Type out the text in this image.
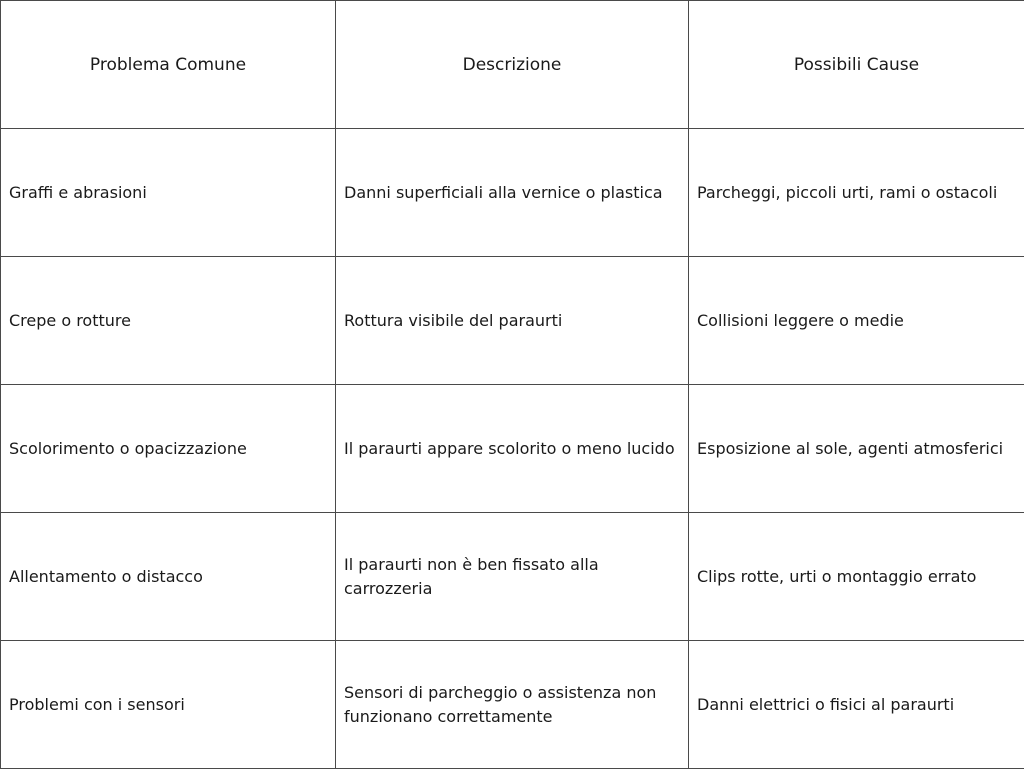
Problema Comune	Descrizione	Possibili Cause
Graffi e abrasioni	Danni superficiali alla vernice o plastica	Parcheggi, piccoli urti, rami o ostacoli
Crepe o rotture	Rottura visibile del paraurti	Collisioni leggere o medie
Scolorimento o opacizzazione	Il paraurti appare scolorito o meno lucido	Esposizione al sole, agenti atmosferici
Allentamento o distacco	Il paraurti non è ben fissato alla carrozzeria	Clips rotte, urti o montaggio errato
Problemi con i sensori	Sensori di parcheggio o assistenza non funzionano correttamente	Danni elettrici o fisici al paraurti
